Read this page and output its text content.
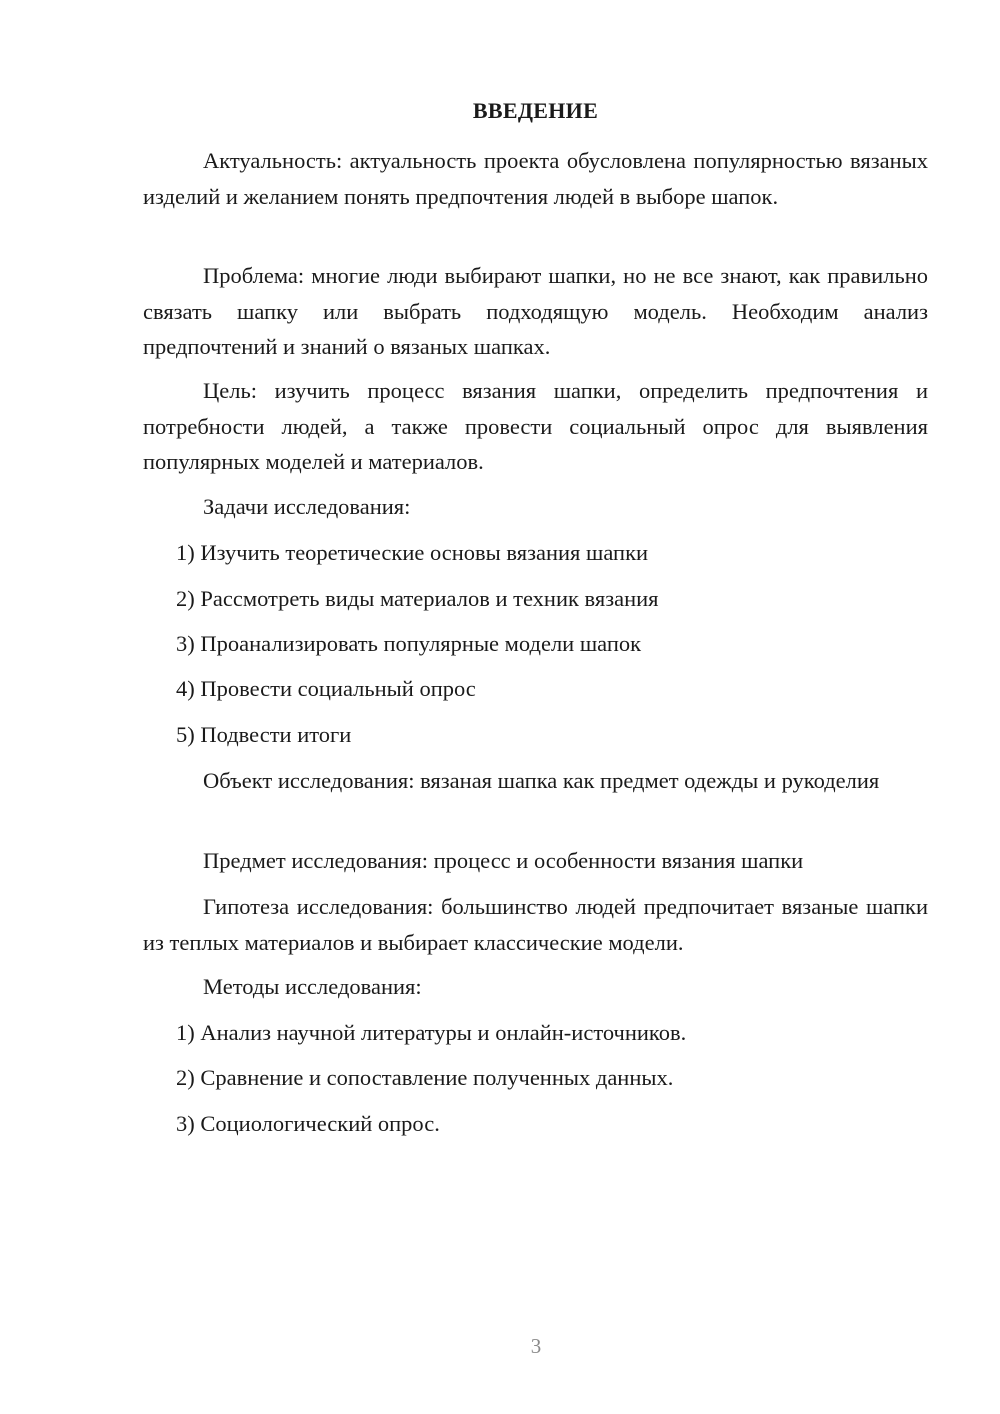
ВВЕДЕНИЕ
Актуальность: актуальность проекта обусловлена популярностью вязаных изделий и желанием понять предпочтения людей в выборе шапок.
Проблема: многие люди выбирают шапки, но не все знают, как правильно связать шапку или выбрать подходящую модель. Необходим анализ предпочтений и знаний о вязаных шапках.
Цель: изучить процесс вязания шапки, определить предпочтения и потребности людей, а также провести социальный опрос для выявления популярных моделей и материалов.
Задачи исследования:
1) Изучить теоретические основы вязания шапки
2) Рассмотреть виды материалов и техник вязания
3) Проанализировать популярные модели шапок
4) Провести социальный опрос
5) Подвести итоги
Объект исследования: вязаная шапка как предмет одежды и рукоделия
Предмет исследования: процесс и особенности вязания шапки
Гипотеза исследования: большинство людей предпочитает вязаные шапки из теплых материалов и выбирает классические модели.
Методы исследования:
1) Анализ научной литературы и онлайн-источников.
2) Сравнение и сопоставление полученных данных.
3) Социологический опрос.
3
